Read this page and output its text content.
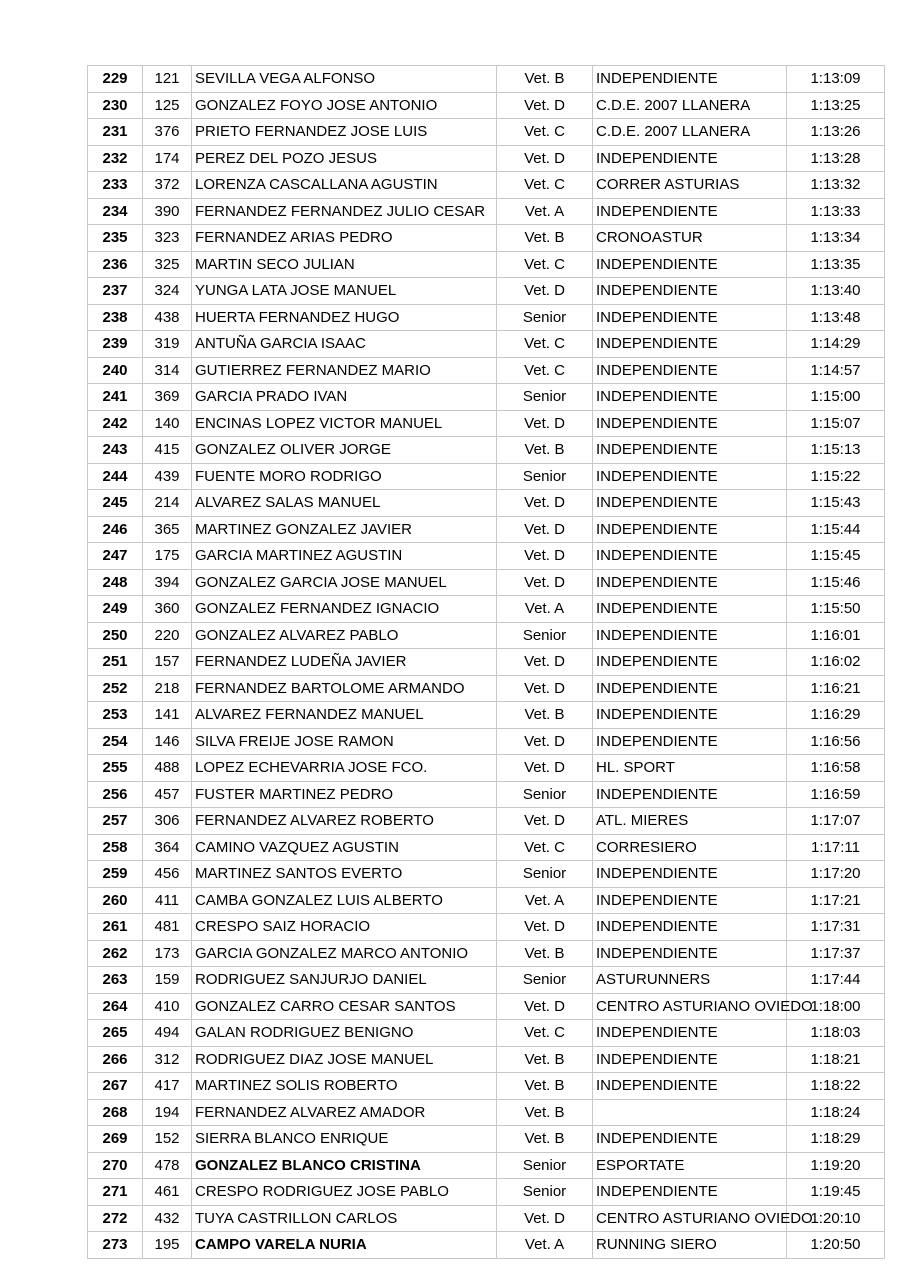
229	121	SEVILLA VEGA ALFONSO	Vet. B	INDEPENDIENTE	1:13:09
230	125	GONZALEZ FOYO JOSE ANTONIO	Vet. D	C.D.E. 2007 LLANERA	1:13:25
231	376	PRIETO FERNANDEZ JOSE LUIS	Vet. C	C.D.E. 2007 LLANERA	1:13:26
232	174	PEREZ DEL POZO JESUS	Vet. D	INDEPENDIENTE	1:13:28
233	372	LORENZA CASCALLANA AGUSTIN	Vet. C	CORRER ASTURIAS	1:13:32
234	390	FERNANDEZ FERNANDEZ JULIO CESAR	Vet. A	INDEPENDIENTE	1:13:33
235	323	FERNANDEZ ARIAS PEDRO	Vet. B	CRONOASTUR	1:13:34
236	325	MARTIN SECO JULIAN	Vet. C	INDEPENDIENTE	1:13:35
237	324	YUNGA LATA JOSE MANUEL	Vet. D	INDEPENDIENTE	1:13:40
238	438	HUERTA FERNANDEZ HUGO	Senior	INDEPENDIENTE	1:13:48
239	319	ANTUÑA GARCIA ISAAC	Vet. C	INDEPENDIENTE	1:14:29
240	314	GUTIERREZ FERNANDEZ MARIO	Vet. C	INDEPENDIENTE	1:14:57
241	369	GARCIA PRADO IVAN	Senior	INDEPENDIENTE	1:15:00
242	140	ENCINAS LOPEZ VICTOR MANUEL	Vet. D	INDEPENDIENTE	1:15:07
243	415	GONZALEZ OLIVER JORGE	Vet. B	INDEPENDIENTE	1:15:13
244	439	FUENTE MORO RODRIGO	Senior	INDEPENDIENTE	1:15:22
245	214	ALVAREZ SALAS MANUEL	Vet. D	INDEPENDIENTE	1:15:43
246	365	MARTINEZ GONZALEZ JAVIER	Vet. D	INDEPENDIENTE	1:15:44
247	175	GARCIA MARTINEZ AGUSTIN	Vet. D	INDEPENDIENTE	1:15:45
248	394	GONZALEZ GARCIA JOSE MANUEL	Vet. D	INDEPENDIENTE	1:15:46
249	360	GONZALEZ FERNANDEZ IGNACIO	Vet. A	INDEPENDIENTE	1:15:50
250	220	GONZALEZ ALVAREZ PABLO	Senior	INDEPENDIENTE	1:16:01
251	157	FERNANDEZ LUDEÑA JAVIER	Vet. D	INDEPENDIENTE	1:16:02
252	218	FERNANDEZ BARTOLOME ARMANDO	Vet. D	INDEPENDIENTE	1:16:21
253	141	ALVAREZ FERNANDEZ MANUEL	Vet. B	INDEPENDIENTE	1:16:29
254	146	SILVA FREIJE JOSE RAMON	Vet. D	INDEPENDIENTE	1:16:56
255	488	LOPEZ ECHEVARRIA JOSE FCO.	Vet. D	HL. SPORT	1:16:58
256	457	FUSTER MARTINEZ PEDRO	Senior	INDEPENDIENTE	1:16:59
257	306	FERNANDEZ ALVAREZ ROBERTO	Vet. D	ATL. MIERES	1:17:07
258	364	CAMINO VAZQUEZ AGUSTIN	Vet. C	CORRESIERO	1:17:11
259	456	MARTINEZ SANTOS EVERTO	Senior	INDEPENDIENTE	1:17:20
260	411	CAMBA GONZALEZ LUIS ALBERTO	Vet. A	INDEPENDIENTE	1:17:21
261	481	CRESPO SAIZ HORACIO	Vet. D	INDEPENDIENTE	1:17:31
262	173	GARCIA GONZALEZ MARCO ANTONIO	Vet. B	INDEPENDIENTE	1:17:37
263	159	RODRIGUEZ SANJURJO DANIEL	Senior	ASTURUNNERS	1:17:44
264	410	GONZALEZ CARRO CESAR SANTOS	Vet. D	CENTRO ASTURIANO OVIEDO	1:18:00
265	494	GALAN RODRIGUEZ BENIGNO	Vet. C	INDEPENDIENTE	1:18:03
266	312	RODRIGUEZ DIAZ JOSE MANUEL	Vet. B	INDEPENDIENTE	1:18:21
267	417	MARTINEZ SOLIS ROBERTO	Vet. B	INDEPENDIENTE	1:18:22
268	194	FERNANDEZ ALVAREZ AMADOR	Vet. B		1:18:24
269	152	SIERRA BLANCO ENRIQUE	Vet. B	INDEPENDIENTE	1:18:29
270	478	GONZALEZ BLANCO CRISTINA	Senior	ESPORTATE	1:19:20
271	461	CRESPO RODRIGUEZ JOSE PABLO	Senior	INDEPENDIENTE	1:19:45
272	432	TUYA CASTRILLON CARLOS	Vet. D	CENTRO ASTURIANO OVIEDO	1:20:10
273	195	CAMPO VARELA NURIA	Vet. A	RUNNING SIERO	1:20:50
